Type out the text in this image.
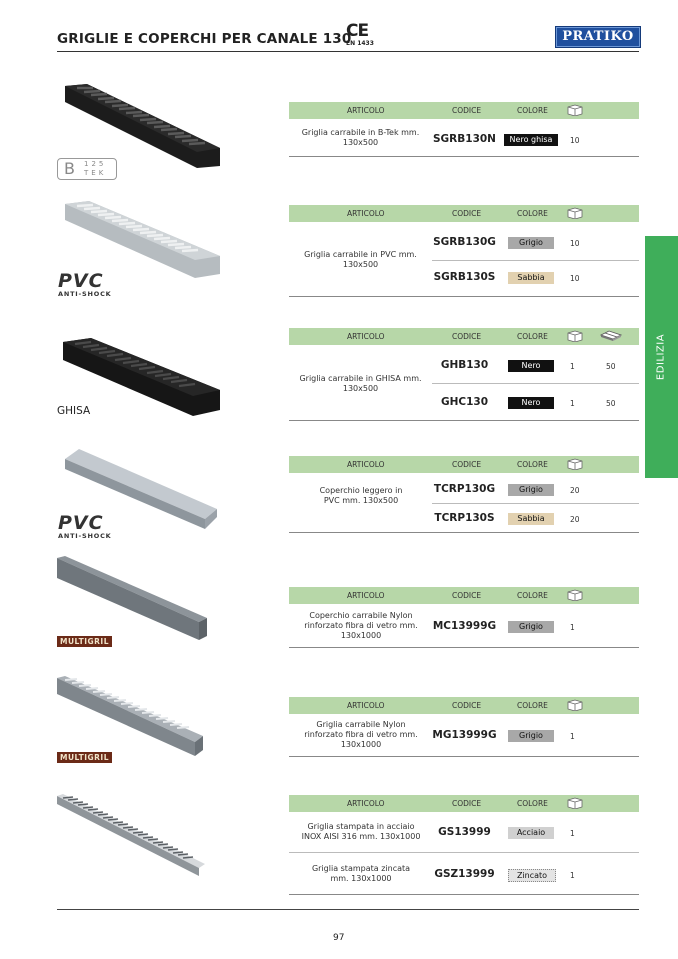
GRIGLIE E COPERCHI PER CANALE 130
CE
EN 1433	PRATIKO
EDILIZIA
B 125
TEK
PVC
ANTI-SHOCK
GHISA
PVC
ANTI-SHOCK
MULTIGRIL
MULTIGRIL
ARTICOLO	CODICE	COLORE
Griglia carrabile in B-Tek mm. 130x500	SGRB130N	Nero ghisa	10
ARTICOLO	CODICE	COLORE
Griglia carrabile in PVC mm. 130x500
SGRB130G	Grigio	10
SGRB130S	Sabbia	10
ARTICOLO	CODICE	COLORE
Griglia carrabile in GHISA mm. 130x500
GHB130	Nero	1	50
GHC130	Nero	1	50
ARTICOLO	CODICE	COLORE
Coperchio leggero in PVC mm. 130x500
TCRP130G	Grigio	20
TCRP130S	Sabbia	20
ARTICOLO	CODICE	COLORE
Coperchio carrabile Nylon rinforzato fibra di vetro mm. 130x1000
MC13999G	Grigio	1
ARTICOLO	CODICE	COLORE
Griglia carrabile Nylon rinforzato fibra di vetro mm. 130x1000
MG13999G	Grigio	1
ARTICOLO	CODICE	COLORE
Griglia stampata in acciaio INOX AISI 316 mm. 130x1000	GS13999	Acciaio	1
Griglia stampata zincata mm. 130x1000	GSZ13999	Zincato	1
97
